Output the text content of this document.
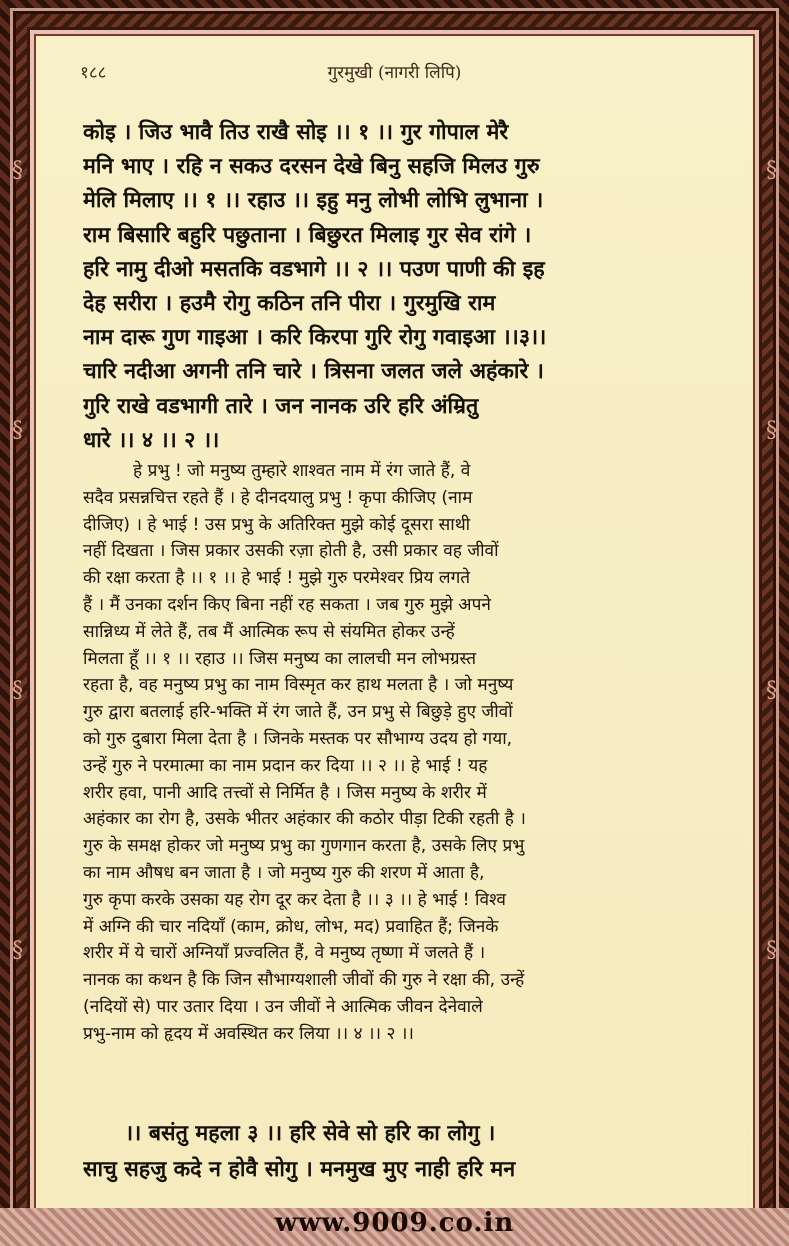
§
§
§
§
§
§
§
§
१८८	गुरमुखी (नागरी लिपि)
कोइ । जिउ भावै तिउ राखै सोइ ।। १ ।। गुर गोपाल मेरै
मनि भाए । रहि न सकउ दरसन देखे बिनु सहजि मिलउ गुरु
मेलि मिलाए ।। १ ।। रहाउ ।। इहु मनु लोभी लोभि लुभाना ।
राम बिसारि बहुरि पछुताना । बिछुरत मिलाइ गुर सेव रांगे ।
हरि नामु दीओ मसतकि वडभागे ।। २ ।। पउण पाणी की इह
देह सरीरा । हउमै रोगु कठिन तनि पीरा । गुरमुखि राम
नाम दारू गुण गाइआ । करि किरपा गुरि रोगु गवाइआ ।।३।।
चारि नदीआ अगनी तनि चारे । त्रिसना जलत जले अहंकारे ।
गुरि राखे वडभागी तारे । जन नानक उरि हरि अंम्रितु
धारे ।। ४ ।। २ ।।
हे प्रभु ! जो मनुष्य तुम्हारे शाश्वत नाम में रंग जाते हैं, वे
सदैव प्रसन्नचित्त रहते हैं । हे दीनदयालु प्रभु ! कृपा कीजिए (नाम
दीजिए) । हे भाई ! उस प्रभु के अतिरिक्त मुझे कोई दूसरा साथी
नहीं दिखता । जिस प्रकार उसकी रज़ा होती है, उसी प्रकार वह जीवों
की रक्षा करता है ।। १ ।। हे भाई ! मुझे गुरु परमेश्वर प्रिय लगते
हैं । मैं उनका दर्शन किए बिना नहीं रह सकता । जब गुरु मुझे अपने
सान्निध्य में लेते हैं, तब मैं आत्मिक रूप से संयमित होकर उन्हें
मिलता हूँ ।। १ ।। रहाउ ।। जिस मनुष्य का लालची मन लोभग्रस्त
रहता है, वह मनुष्य प्रभु का नाम विस्मृत कर हाथ मलता है । जो मनुष्य
गुरु द्वारा बतलाई हरि-भक्ति में रंग जाते हैं, उन प्रभु से बिछुड़े हुए जीवों
को गुरु दुबारा मिला देता है । जिनके मस्तक पर सौभाग्य उदय हो गया,
उन्हें गुरु ने परमात्मा का नाम प्रदान कर दिया ।। २ ।। हे भाई ! यह
शरीर हवा, पानी आदि तत्त्वों से निर्मित है । जिस मनुष्य के शरीर में
अहंकार का रोग है, उसके भीतर अहंकार की कठोर पीड़ा टिकी रहती है ।
गुरु के समक्ष होकर जो मनुष्य प्रभु का गुणगान करता है, उसके लिए प्रभु
का नाम औषध बन जाता है । जो मनुष्य गुरु की शरण में आता है,
गुरु कृपा करके उसका यह रोग दूर कर देता है ।। ३ ।। हे भाई ! विश्व
में अग्नि की चार नदियाँ (काम, क्रोध, लोभ, मद) प्रवाहित हैं; जिनके
शरीर में ये चारों अग्नियाँ प्रज्वलित हैं, वे मनुष्य तृष्णा में जलते हैं ।
नानक का कथन है कि जिन सौभाग्यशाली जीवों की गुरु ने रक्षा की, उन्हें
(नदियों से) पार उतार दिया । उन जीवों ने आत्मिक जीवन देनेवाले
प्रभु-नाम को हृदय में अवस्थित कर लिया ।। ४ ।। २ ।।
।। बसंतु महला ३ ।। हरि सेवे सो हरि का लोगु ।
साचु सहजु कदे न होवै सोगु । मनमुख मुए नाही हरि मन
www.9009.co.in
